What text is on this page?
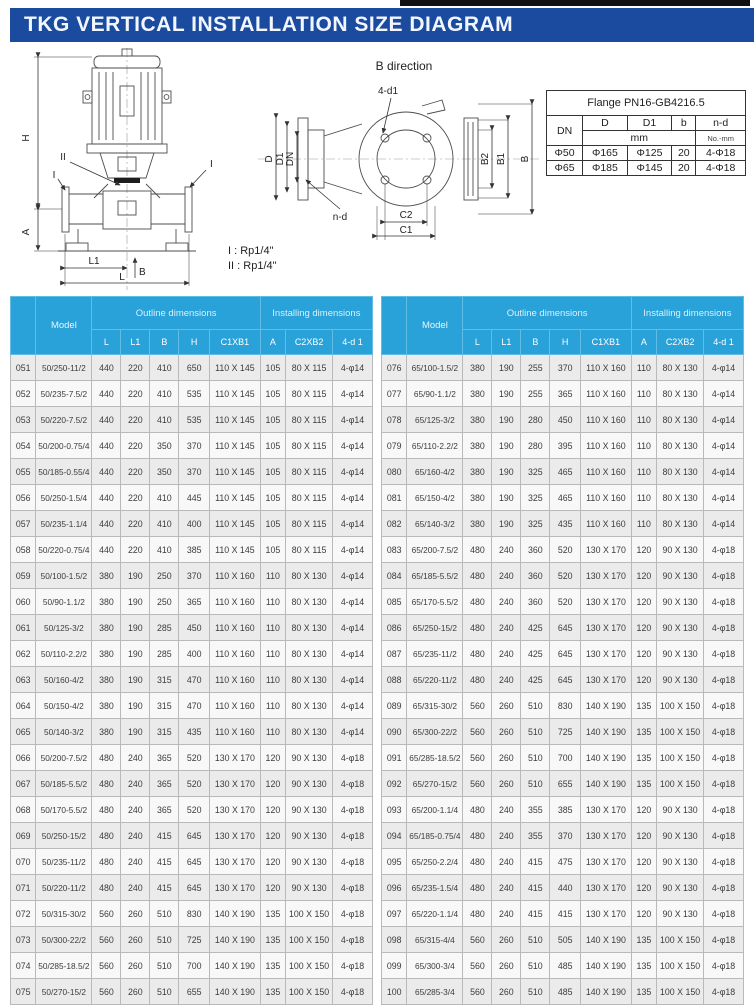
TKG VERTICAL INSTALLATION SIZE DIAGRAM
H
A
L1
L B
II
I
I
B direction
4-d1
n-d
D D1 DN	B2 B1 B
C2
C1
I : Rp1/4"
II : Rp1/4"
Flange PN16-GB4216.5				
DN	D	D1	b	n-d
	mm			No.-mm
Φ50	Φ165	Φ125	20	4-Φ18
Φ65	Φ185	Φ145	20	4-Φ18
	Model	Outline dimensions					Installing dimensions		
		L	L1	B	H	C1XB1	A	C2XB2	4-d 1
051	50/250-11/2	440	220	410	650	110 X 145	105	80 X 115	4-φ14
052	50/235-7.5/2	440	220	410	535	110 X 145	105	80 X 115	4-φ14
053	50/220-7.5/2	440	220	410	535	110 X 145	105	80 X 115	4-φ14
054	50/200-0.75/4	440	220	350	370	110 X 145	105	80 X 115	4-φ14
055	50/185-0.55/4	440	220	350	370	110 X 145	105	80 X 115	4-φ14
056	50/250-1.5/4	440	220	410	445	110 X 145	105	80 X 115	4-φ14
057	50/235-1.1/4	440	220	410	400	110 X 145	105	80 X 115	4-φ14
058	50/220-0.75/4	440	220	410	385	110 X 145	105	80 X 115	4-φ14
059	50/100-1.5/2	380	190	250	370	110 X 160	110	80 X 130	4-φ14
060	50/90-1.1/2	380	190	250	365	110 X 160	110	80 X 130	4-φ14
061	50/125-3/2	380	190	285	450	110 X 160	110	80 X 130	4-φ14
062	50/110-2.2/2	380	190	285	400	110 X 160	110	80 X 130	4-φ14
063	50/160-4/2	380	190	315	470	110 X 160	110	80 X 130	4-φ14
064	50/150-4/2	380	190	315	470	110 X 160	110	80 X 130	4-φ14
065	50/140-3/2	380	190	315	435	110 X 160	110	80 X 130	4-φ14
066	50/200-7.5/2	480	240	365	520	130 X 170	120	90 X 130	4-φ18
067	50/185-5.5/2	480	240	365	520	130 X 170	120	90 X 130	4-φ18
068	50/170-5.5/2	480	240	365	520	130 X 170	120	90 X 130	4-φ18
069	50/250-15/2	480	240	415	645	130 X 170	120	90 X 130	4-φ18
070	50/235-11/2	480	240	415	645	130 X 170	120	90 X 130	4-φ18
071	50/220-11/2	480	240	415	645	130 X 170	120	90 X 130	4-φ18
072	50/315-30/2	560	260	510	830	140 X 190	135	100 X 150	4-φ18
073	50/300-22/2	560	260	510	725	140 X 190	135	100 X 150	4-φ18
074	50/285-18.5/2	560	260	510	700	140 X 190	135	100 X 150	4-φ18
075	50/270-15/2	560	260	510	655	140 X 190	135	100 X 150	4-φ18
	Model	Outline dimensions					Installing dimensions		
		L	L1	B	H	C1XB1	A	C2XB2	4-d 1
076	65/100-1.5/2	380	190	255	370	110 X 160	110	80 X 130	4-φ14
077	65/90-1.1/2	380	190	255	365	110 X 160	110	80 X 130	4-φ14
078	65/125-3/2	380	190	280	450	110 X 160	110	80 X 130	4-φ14
079	65/110-2.2/2	380	190	280	395	110 X 160	110	80 X 130	4-φ14
080	65/160-4/2	380	190	325	465	110 X 160	110	80 X 130	4-φ14
081	65/150-4/2	380	190	325	465	110 X 160	110	80 X 130	4-φ14
082	65/140-3/2	380	190	325	435	110 X 160	110	80 X 130	4-φ14
083	65/200-7.5/2	480	240	360	520	130 X 170	120	90 X 130	4-φ18
084	65/185-5.5/2	480	240	360	520	130 X 170	120	90 X 130	4-φ18
085	65/170-5.5/2	480	240	360	520	130 X 170	120	90 X 130	4-φ18
086	65/250-15/2	480	240	425	645	130 X 170	120	90 X 130	4-φ18
087	65/235-11/2	480	240	425	645	130 X 170	120	90 X 130	4-φ18
088	65/220-11/2	480	240	425	645	130 X 170	120	90 X 130	4-φ18
089	65/315-30/2	560	260	510	830	140 X 190	135	100 X 150	4-φ18
090	65/300-22/2	560	260	510	725	140 X 190	135	100 X 150	4-φ18
091	65/285-18.5/2	560	260	510	700	140 X 190	135	100 X 150	4-φ18
092	65/270-15/2	560	260	510	655	140 X 190	135	100 X 150	4-φ18
093	65/200-1.1/4	480	240	355	385	130 X 170	120	90 X 130	4-φ18
094	65/185-0.75/4	480	240	355	370	130 X 170	120	90 X 130	4-φ18
095	65/250-2.2/4	480	240	415	475	130 X 170	120	90 X 130	4-φ18
096	65/235-1.5/4	480	240	415	440	130 X 170	120	90 X 130	4-φ18
097	65/220-1.1/4	480	240	415	415	130 X 170	120	90 X 130	4-φ18
098	65/315-4/4	560	260	510	505	140 X 190	135	100 X 150	4-φ18
099	65/300-3/4	560	260	510	485	140 X 190	135	100 X 150	4-φ18
100	65/285-3/4	560	260	510	485	140 X 190	135	100 X 150	4-φ18
